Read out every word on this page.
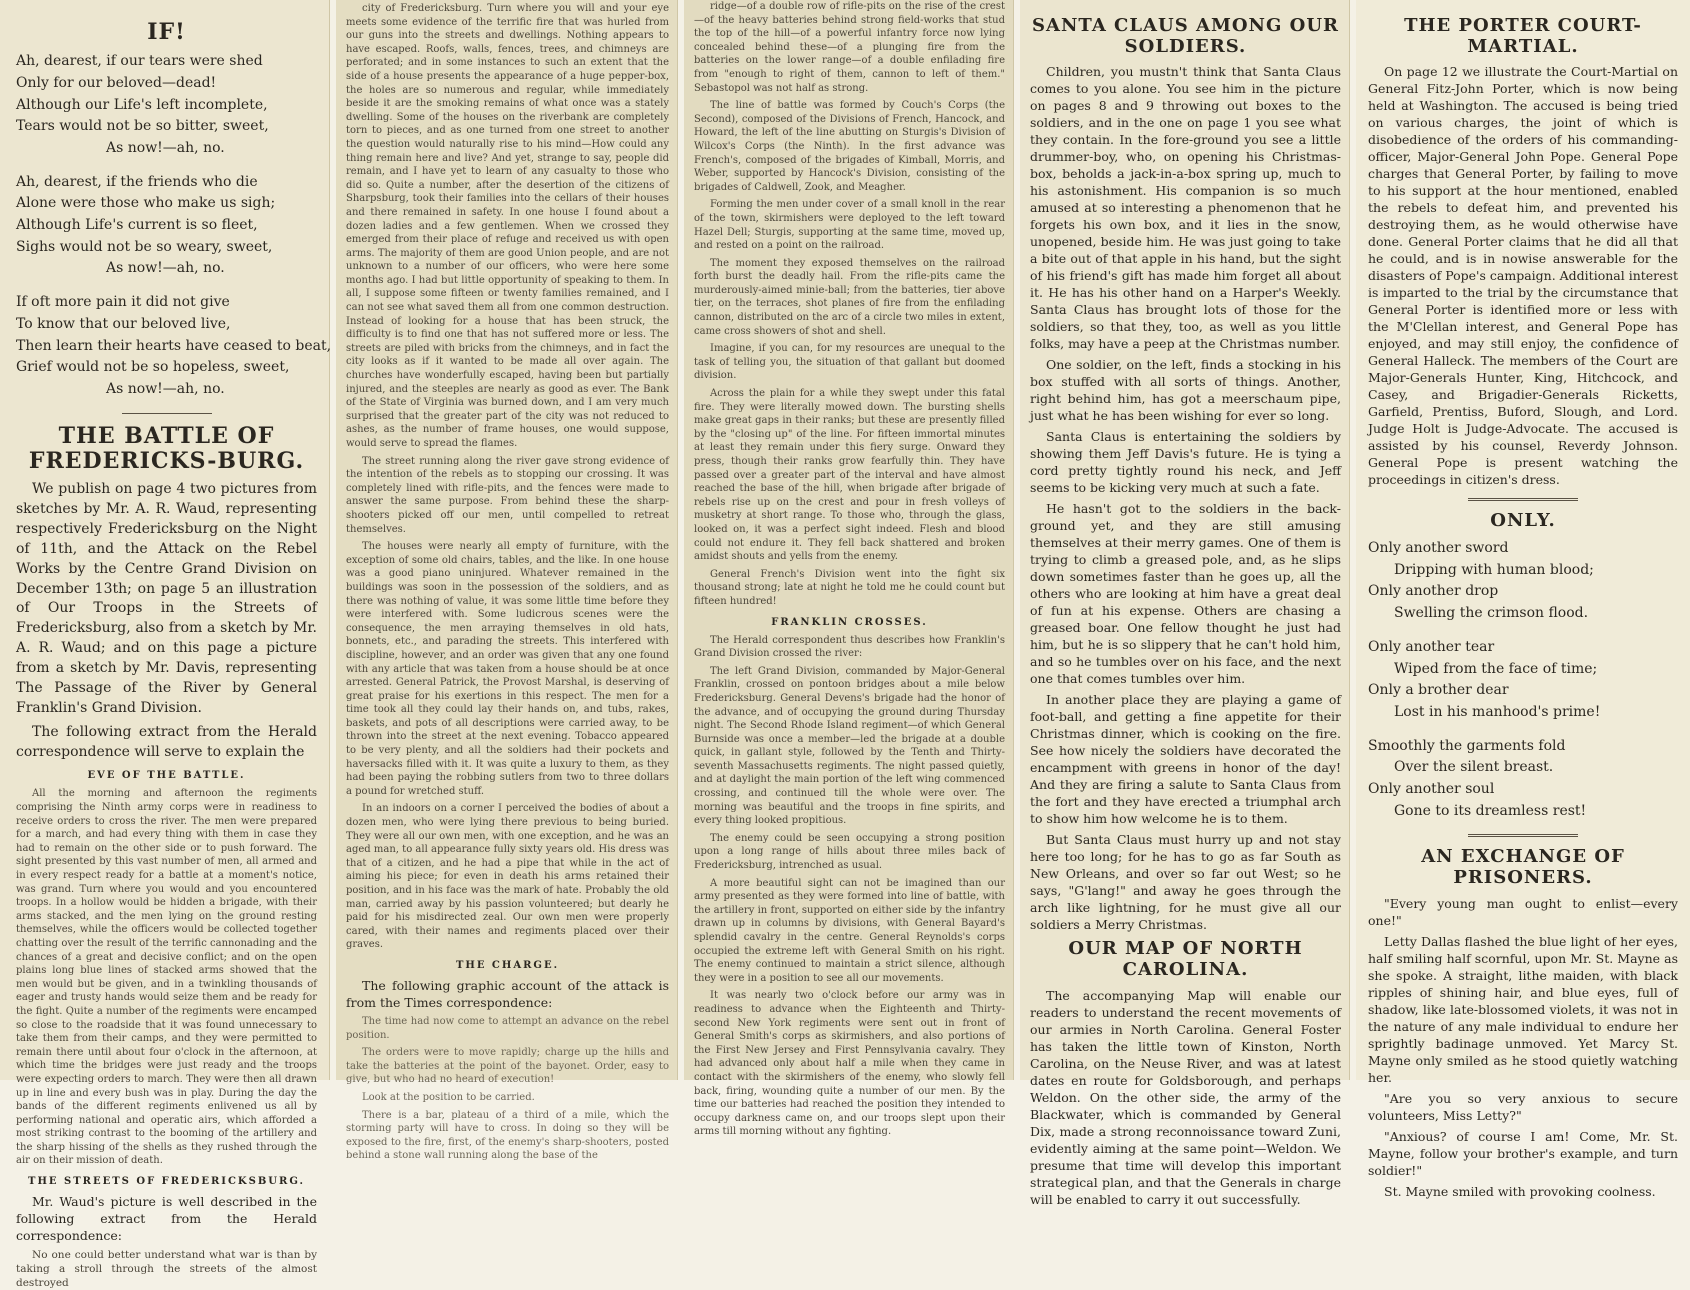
IF!
Ah, dearest, if our tears were shed
Only for our beloved—dead!
Although our Life's left incomplete,
Tears would not be so bitter, sweet,
As now!—ah, no.
Ah, dearest, if the friends who die
Alone were those who make us sigh;
Although Life's current is so fleet,
Sighs would not be so weary, sweet,
As now!—ah, no.
If oft more pain it did not give
To know that our beloved live,
Then learn their hearts have ceased to beat,
Grief would not be so hopeless, sweet,
As now!—ah, no.
THE BATTLE OF FREDERICKS-BURG.

We publish on page 4 two pictures from sketches by Mr. A. R. Waud, representing respectively Fredericksburg on the Night of 11th, and the Attack on the Rebel Works by the Centre Grand Division on December 13th; on page 5 an illustration of Our Troops in the Streets of Fredericksburg, also from a sketch by Mr. A. R. Waud; and on this page a picture from a sketch by Mr. Davis, representing The Passage of the River by General Franklin's Grand Division.

The following extract from the Herald correspondence will serve to explain the

EVE OF THE BATTLE.

All the morning and afternoon the regiments comprising the Ninth army corps were in readiness to receive orders to cross the river. The men were prepared for a march, and had every thing with them in case they had to remain on the other side or to push forward. The sight presented by this vast number of men, all armed and in every respect ready for a battle at a moment's notice, was grand. Turn where you would and you encountered troops. In a hollow would be hidden a brigade, with their arms stacked, and the men lying on the ground resting themselves, while the officers would be collected together chatting over the result of the terrific cannonading and the chances of a great and decisive conflict; and on the open plains long blue lines of stacked arms showed that the men would but be given, and in a twinkling thousands of eager and trusty hands would seize them and be ready for the fight. Quite a number of the regiments were encamped so close to the roadside that it was found unnecessary to take them from their camps, and they were permitted to remain there until about four o'clock in the afternoon, at which time the bridges were just ready and the troops were expecting orders to march. They were then all drawn up in line and every bush was in play. During the day the bands of the different regiments enlivened us all by performing national and operatic airs, which afforded a most striking contrast to the booming of the artillery and the sharp hissing of the shells as they rushed through the air on their mission of death.

THE STREETS OF FREDERICKSBURG.

Mr. Waud's picture is well described in the following extract from the Herald correspondence:

No one could better understand what war is than by taking a stroll through the streets of the almost destroyed

city of Fredericksburg. Turn where you will and your eye meets some evidence of the terrific fire that was hurled from our guns into the streets and dwellings. Nothing appears to have escaped. Roofs, walls, fences, trees, and chimneys are perforated; and in some instances to such an extent that the side of a house presents the appearance of a huge pepper-box, the holes are so numerous and regular, while immediately beside it are the smoking remains of what once was a stately dwelling. Some of the houses on the riverbank are completely torn to pieces, and as one turned from one street to another the question would naturally rise to his mind—How could any thing remain here and live? And yet, strange to say, people did remain, and I have yet to learn of any casualty to those who did so. Quite a number, after the desertion of the citizens of Sharpsburg, took their families into the cellars of their houses and there remained in safety. In one house I found about a dozen ladies and a few gentlemen. When we crossed they emerged from their place of refuge and received us with open arms. The majority of them are good Union people, and are not unknown to a number of our officers, who were here some months ago. I had but little opportunity of speaking to them. In all, I suppose some fifteen or twenty families remained, and I can not see what saved them all from one common destruction. Instead of looking for a house that has been struck, the difficulty is to find one that has not suffered more or less. The streets are piled with bricks from the chimneys, and in fact the city looks as if it wanted to be made all over again. The churches have wonderfully escaped, having been but partially injured, and the steeples are nearly as good as ever. The Bank of the State of Virginia was burned down, and I am very much surprised that the greater part of the city was not reduced to ashes, as the number of frame houses, one would suppose, would serve to spread the flames.

The street running along the river gave strong evidence of the intention of the rebels as to stopping our crossing. It was completely lined with rifle-pits, and the fences were made to answer the same purpose. From behind these the sharp-shooters picked off our men, until compelled to retreat themselves.

The houses were nearly all empty of furniture, with the exception of some old chairs, tables, and the like. In one house was a good piano uninjured. Whatever remained in the buildings was soon in the possession of the soldiers, and as there was nothing of value, it was some little time before they were interfered with. Some ludicrous scenes were the consequence, the men arraying themselves in old hats, bonnets, etc., and parading the streets. This interfered with discipline, however, and an order was given that any one found with any article that was taken from a house should be at once arrested. General Patrick, the Provost Marshal, is deserving of great praise for his exertions in this respect. The men for a time took all they could lay their hands on, and tubs, rakes, baskets, and pots of all descriptions were carried away, to be thrown into the street at the next evening. Tobacco appeared to be very plenty, and all the soldiers had their pockets and haversacks filled with it. It was quite a luxury to them, as they had been paying the robbing sutlers from two to three dollars a pound for wretched stuff.

In an indoors on a corner I perceived the bodies of about a dozen men, who were lying there previous to being buried. They were all our own men, with one exception, and he was an aged man, to all appearance fully sixty years old. His dress was that of a citizen, and he had a pipe that while in the act of aiming his piece; for even in death his arms retained their position, and in his face was the mark of hate. Probably the old man, carried away by his passion volunteered; but dearly he paid for his misdirected zeal. Our own men were properly cared, with their names and regiments placed over their graves.

THE CHARGE.

The following graphic account of the attack is from the Times correspondence:

The time had now come to attempt an advance on the rebel position.

The orders were to move rapidly; charge up the hills and take the batteries at the point of the bayonet. Order, easy to give, but who had no heard of execution!

Look at the position to be carried.

There is a bar, plateau of a third of a mile, which the storming party will have to cross. In doing so they will be exposed to the fire, first, of the enemy's sharp-shooters, posted behind a stone wall running along the base of the

ridge—of a double row of rifle-pits on the rise of the crest—of the heavy batteries behind strong field-works that stud the top of the hill—of a powerful infantry force now lying concealed behind these—of a plunging fire from the batteries on the lower range—of a double enfilading fire from "enough to right of them, cannon to left of them." Sebastopol was not half as strong.

The line of battle was formed by Couch's Corps (the Second), composed of the Divisions of French, Hancock, and Howard, the left of the line abutting on Sturgis's Division of Wilcox's Corps (the Ninth). In the first advance was French's, composed of the brigades of Kimball, Morris, and Weber, supported by Hancock's Division, consisting of the brigades of Caldwell, Zook, and Meagher.

Forming the men under cover of a small knoll in the rear of the town, skirmishers were deployed to the left toward Hazel Dell; Sturgis, supporting at the same time, moved up, and rested on a point on the railroad.

The moment they exposed themselves on the railroad forth burst the deadly hail. From the rifle-pits came the murderously-aimed minie-ball; from the batteries, tier above tier, on the terraces, shot planes of fire from the enfilading cannon, distributed on the arc of a circle two miles in extent, came cross showers of shot and shell.

Imagine, if you can, for my resources are unequal to the task of telling you, the situation of that gallant but doomed division.

Across the plain for a while they swept under this fatal fire. They were literally mowed down. The bursting shells make great gaps in their ranks; but these are presently filled by the "closing up" of the line. For fifteen immortal minutes at least they remain under this fiery surge. Onward they press, though their ranks grow fearfully thin. They have passed over a greater part of the interval and have almost reached the base of the hill, when brigade after brigade of rebels rise up on the crest and pour in fresh volleys of musketry at short range. To those who, through the glass, looked on, it was a perfect sight indeed. Flesh and blood could not endure it. They fell back shattered and broken amidst shouts and yells from the enemy.

General French's Division went into the fight six thousand strong; late at night he told me he could count but fifteen hundred!

FRANKLIN CROSSES.

The Herald correspondent thus describes how Franklin's Grand Division crossed the river:

The left Grand Division, commanded by Major-General Franklin, crossed on pontoon bridges about a mile below Fredericksburg. General Devens's brigade had the honor of the advance, and of occupying the ground during Thursday night. The Second Rhode Island regiment—of which General Burnside was once a member—led the brigade at a double quick, in gallant style, followed by the Tenth and Thirty-seventh Massachusetts regiments. The night passed quietly, and at daylight the main portion of the left wing commenced crossing, and continued till the whole were over. The morning was beautiful and the troops in fine spirits, and every thing looked propitious.

The enemy could be seen occupying a strong position upon a long range of hills about three miles back of Fredericksburg, intrenched as usual.

A more beautiful sight can not be imagined than our army presented as they were formed into line of battle, with the artillery in front, supported on either side by the infantry drawn up in columns by divisions, with General Bayard's splendid cavalry in the centre. General Reynolds's corps occupied the extreme left with General Smith on his right. The enemy continued to maintain a strict silence, although they were in a position to see all our movements.

It was nearly two o'clock before our army was in readiness to advance when the Eighteenth and Thirty-second New York regiments were sent out in front of General Smith's corps as skirmishers, and also portions of the First New Jersey and First Pennsylvania cavalry. They had advanced only about half a mile when they came in contact with the skirmishers of the enemy, who slowly fell back, firing, wounding quite a number of our men. By the time our batteries had reached the position they intended to occupy darkness came on, and our troops slept upon their arms till morning without any fighting.

SANTA CLAUS AMONG OUR SOLDIERS.

Children, you mustn't think that Santa Claus comes to you alone. You see him in the picture on pages 8 and 9 throwing out boxes to the soldiers, and in the one on page 1 you see what they contain. In the fore-ground you see a little drummer-boy, who, on opening his Christmas-box, beholds a jack-in-a-box spring up, much to his astonishment. His companion is so much amused at so interesting a phenomenon that he forgets his own box, and it lies in the snow, unopened, beside him. He was just going to take a bite out of that apple in his hand, but the sight of his friend's gift has made him forget all about it. He has his other hand on a Harper's Weekly. Santa Claus has brought lots of those for the soldiers, so that they, too, as well as you little folks, may have a peep at the Christmas number.

One soldier, on the left, finds a stocking in his box stuffed with all sorts of things. Another, right behind him, has got a meerschaum pipe, just what he has been wishing for ever so long.

Santa Claus is entertaining the soldiers by showing them Jeff Davis's future. He is tying a cord pretty tightly round his neck, and Jeff seems to be kicking very much at such a fate.

He hasn't got to the soldiers in the back-ground yet, and they are still amusing themselves at their merry games. One of them is trying to climb a greased pole, and, as he slips down sometimes faster than he goes up, all the others who are looking at him have a great deal of fun at his expense. Others are chasing a greased boar. One fellow thought he just had him, but he is so slippery that he can't hold him, and so he tumbles over on his face, and the next one that comes tumbles over him.

In another place they are playing a game of foot-ball, and getting a fine appetite for their Christmas dinner, which is cooking on the fire. See how nicely the soldiers have decorated the encampment with greens in honor of the day! And they are firing a salute to Santa Claus from the fort and they have erected a triumphal arch to show him how welcome he is to them.

But Santa Claus must hurry up and not stay here too long; for he has to go as far South as New Orleans, and over so far out West; so he says, "G'lang!" and away he goes through the arch like lightning, for he must give all our soldiers a Merry Christmas.

OUR MAP OF NORTH CAROLINA.

The accompanying Map will enable our readers to understand the recent movements of our armies in North Carolina. General Foster has taken the little town of Kinston, North Carolina, on the Neuse River, and was at latest dates en route for Goldsborough, and perhaps Weldon. On the other side, the army of the Blackwater, which is commanded by General Dix, made a strong reconnoissance toward Zuni, evidently aiming at the same point—Weldon. We presume that time will develop this important strategical plan, and that the Generals in charge will be enabled to carry it out successfully.

THE PORTER COURT-MARTIAL.

On page 12 we illustrate the Court-Martial on General Fitz-John Porter, which is now being held at Washington. The accused is being tried on various charges, the joint of which is disobedience of the orders of his commanding-officer, Major-General John Pope. General Pope charges that General Porter, by failing to move to his support at the hour mentioned, enabled the rebels to defeat him, and prevented his destroying them, as he would otherwise have done. General Porter claims that he did all that he could, and is in nowise answerable for the disasters of Pope's campaign. Additional interest is imparted to the trial by the circumstance that General Porter is identified more or less with the M'Clellan interest, and General Pope has enjoyed, and may still enjoy, the confidence of General Halleck. The members of the Court are Major-Generals Hunter, King, Hitchcock, and Casey, and Brigadier-Generals Ricketts, Garfield, Prentiss, Buford, Slough, and Lord. Judge Holt is Judge-Advocate. The accused is assisted by his counsel, Reverdy Johnson. General Pope is present watching the proceedings in citizen's dress.

ONLY.
Only another sword
Dripping with human blood;
Only another drop
Swelling the crimson flood.
Only another tear
Wiped from the face of time;
Only a brother dear
Lost in his manhood's prime!
Smoothly the garments fold
Over the silent breast.
Only another soul
Gone to its dreamless rest!
AN EXCHANGE OF PRISONERS.

"Every young man ought to enlist—every one!"

Letty Dallas flashed the blue light of her eyes, half smiling half scornful, upon Mr. St. Mayne as she spoke. A straight, lithe maiden, with black ripples of shining hair, and blue eyes, full of shadow, like late-blossomed violets, it was not in the nature of any male individual to endure her sprightly badinage unmoved. Yet Marcy St. Mayne only smiled as he stood quietly watching her.

"Are you so very anxious to secure volunteers, Miss Letty?"

"Anxious? of course I am! Come, Mr. St. Mayne, follow your brother's example, and turn soldier!"

St. Mayne smiled with provoking coolness.
